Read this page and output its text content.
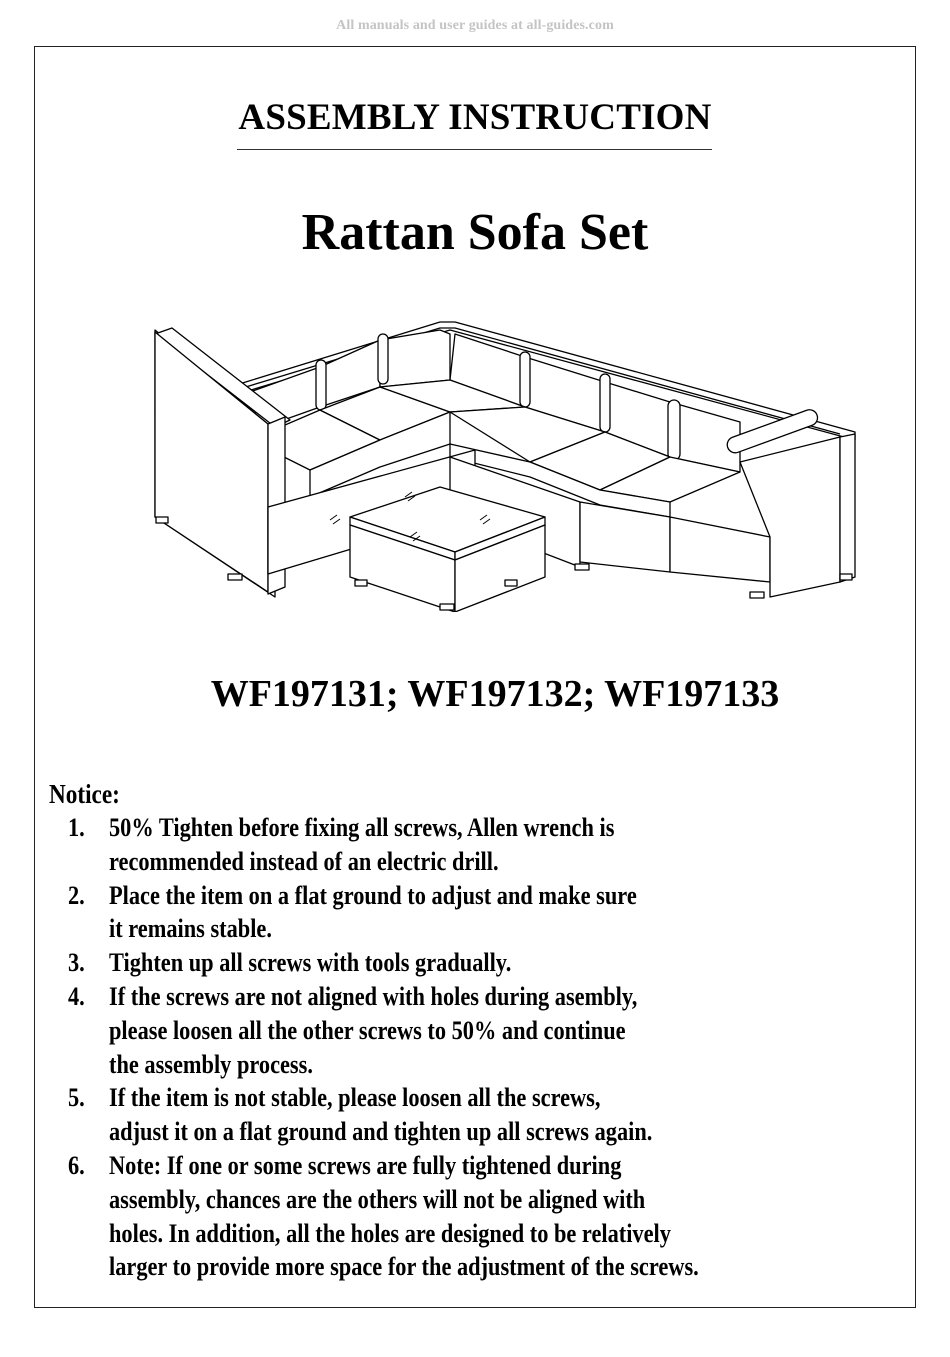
All manuals and user guides at all-guides.com
ASSEMBLY INSTRUCTION
Rattan Sofa Set
WF197131; WF197132; WF197133
Notice:
1. 50% Tighten before fixing all screws, Allen wrench is
recommended instead of an electric drill.
2. Place the item on a flat ground to adjust and make sure
it remains stable.
3. Tighten up all screws with tools gradually.
4. If the screws are not aligned with holes during asembly,
please loosen all the other screws to 50% and continue
the assembly process.
5. If the item is not stable, please loosen all the screws,
adjust it on a flat ground and tighten up all screws again.
6. Note: If one or some screws are fully tightened during
assembly, chances are the others will not be aligned with
holes. In addition, all the holes are designed to be relatively
larger to provide more space for the adjustment of the screws.
